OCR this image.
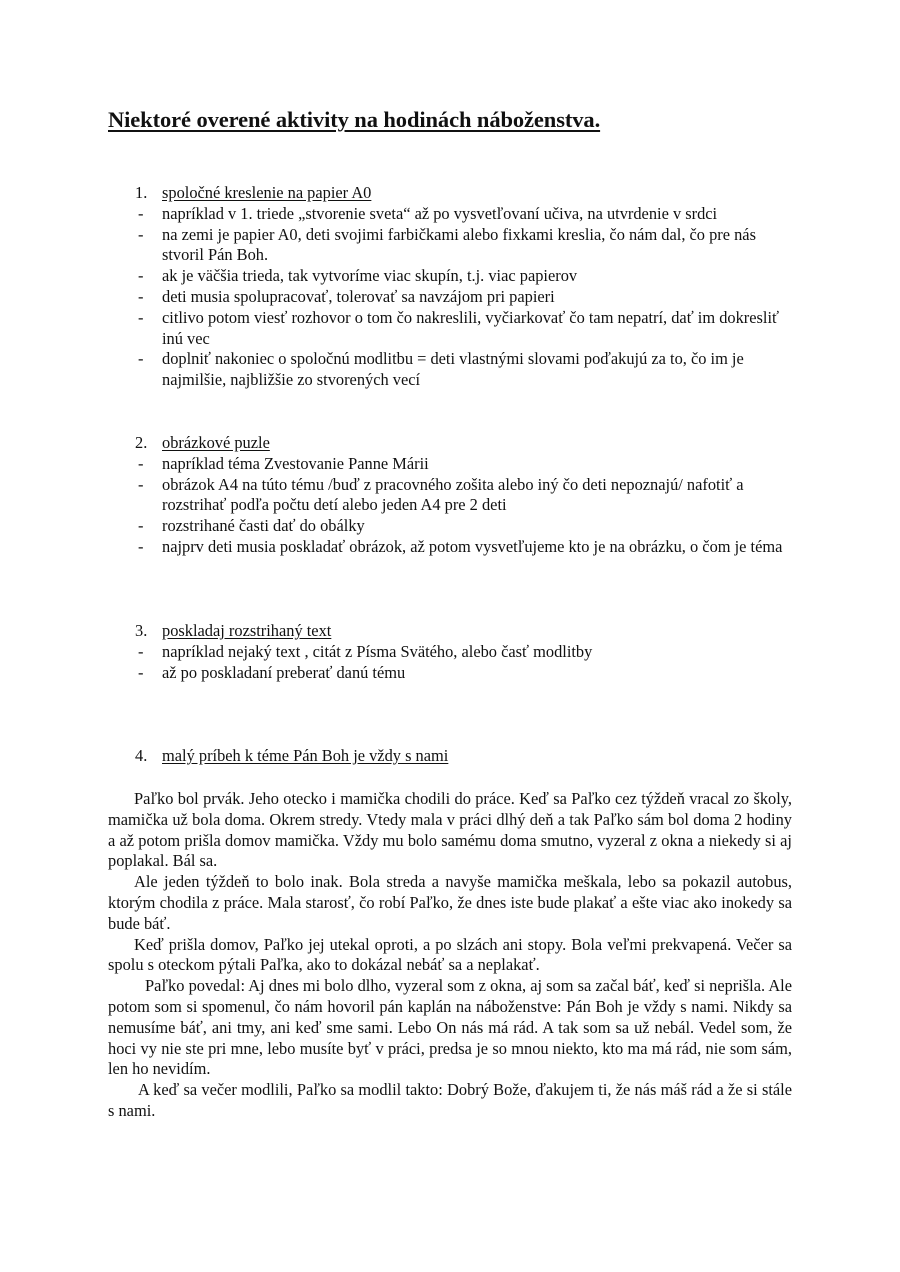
Niektoré overené aktivity na hodinách náboženstva.
1. spoločné kreslenie na papier A0
- napríklad v 1. triede „stvorenie sveta“ až po vysvetľovaní učiva, na utvrdenie v srdci
- na zemi je papier A0, deti svojimi farbičkami alebo fixkami kreslia, čo nám dal, čo pre nás stvoril Pán Boh.
- ak je väčšia trieda, tak vytvoríme viac skupín, t.j. viac papierov
- deti musia spolupracovať, tolerovať sa navzájom pri papieri
- citlivo potom viesť rozhovor o tom čo nakreslili, vyčiarkovať čo tam nepatrí, dať im dokresliť inú vec
- doplniť nakoniec o spoločnú modlitbu = deti vlastnými slovami poďakujú za to, čo im je najmilšie, najbližšie zo stvorených vecí
2. obrázkové puzle
- napríklad téma Zvestovanie Panne Márii
- obrázok A4 na túto tému /buď z pracovného zošita alebo iný čo deti nepoznajú/ nafotiť a rozstrihať podľa počtu detí alebo jeden A4 pre 2 deti
- rozstrihané časti dať do obálky
- najprv deti musia poskladať obrázok, až potom vysvetľujeme kto je na obrázku, o čom je téma
3. poskladaj rozstrihaný text
- napríklad nejaký text , citát z Písma Svätého, alebo časť modlitby
- až po poskladaní preberať danú tému
4. malý príbeh k téme Pán Boh je vždy s nami

Paľko bol prvák. Jeho otecko i mamička chodili do práce. Keď sa Paľko cez týždeň vracal zo školy, mamička už bola doma. Okrem stredy. Vtedy mala v práci dlhý deň a tak Paľko sám bol doma 2 hodiny a až potom prišla domov mamička. Vždy mu bolo samému doma smutno, vyzeral z okna a niekedy si aj poplakal. Bál sa.

Ale jeden týždeň to bolo inak. Bola streda a navyše mamička meškala, lebo sa pokazil autobus, ktorým chodila z práce. Mala starosť, čo robí Paľko, že dnes iste bude plakať a ešte viac ako inokedy sa bude báť.

Keď prišla domov, Paľko jej utekal oproti, a po slzách ani stopy. Bola veľmi prekvapená. Večer sa spolu s oteckom pýtali Paľka, ako to dokázal nebáť sa a neplakať.

Paľko povedal: Aj dnes mi bolo dlho, vyzeral som z okna, aj som sa začal báť, keď si neprišla. Ale potom som si spomenul, čo nám hovoril pán kaplán na náboženstve: Pán Boh je vždy s nami. Nikdy sa nemusíme báť, ani tmy, ani keď sme sami. Lebo On nás má rád. A tak som sa už nebál. Vedel som, že hoci vy nie ste pri mne, lebo musíte byť v práci, predsa je so mnou niekto, kto ma má rád, nie som sám, len ho nevidím.

A keď sa večer modlili, Paľko sa modlil takto: Dobrý Bože, ďakujem ti, že nás máš rád a že si stále s nami.
